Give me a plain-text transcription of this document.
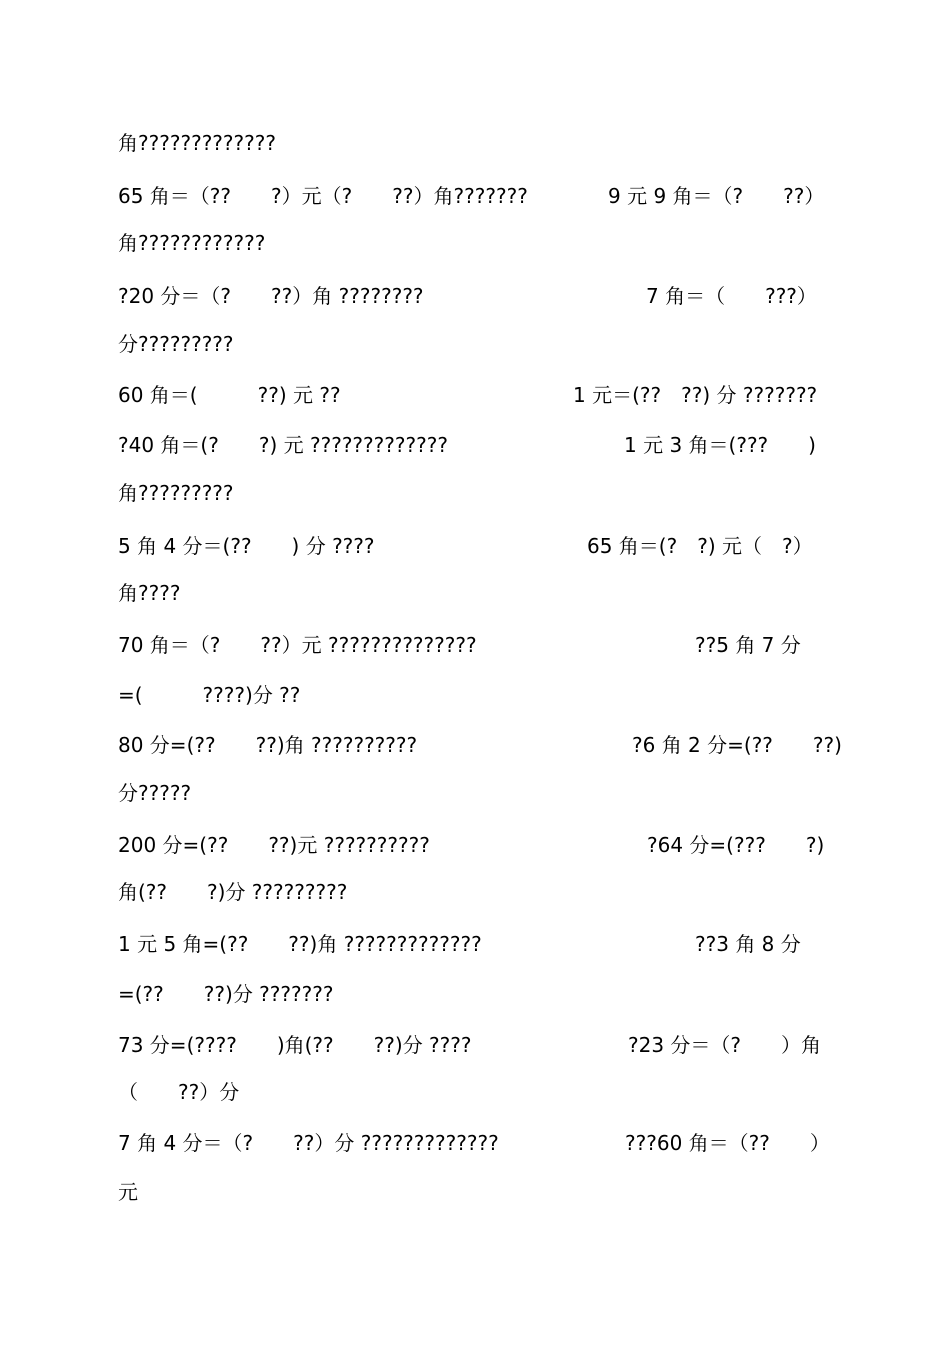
角?????????????

65 角＝（??　　?）元（?　　??）角???????

	9 元 9 角＝（?　　??）

角????????????

?20 分＝（?　　??）角 ????????

	7 角＝（　　???）

分?????????

60 角＝(　　　??) 元 ??

	1 元＝(??　??) 分 ???????

?40 角＝(?　　?) 元 ?????????????

	1 元 3 角＝(???　　)

角?????????

5 角 4 分＝(??　　) 分 ????

	65 角＝(?　?) 元（　?）

角????

70 角＝（?　　??）元 ??????????????

	??5 角 7 分

=(　　　????)分 ??

80 分=(??　　??)角 ??????????

	?6 角 2 分=(??　　??)

分?????

200 分=(??　　??)元 ??????????

	?64 分=(???　　?)

角(??　　?)分 ?????????

1 元 5 角=(??　　??)角 ?????????????

	??3 角 8 分

=(??　　??)分 ???????

73 分=(????　　)角(??　　??)分 ????

	?23 分＝（?　　）角

（　　??）分

7 角 4 分＝（?　　??）分 ?????????????

	???60 角＝（??　　）

元
